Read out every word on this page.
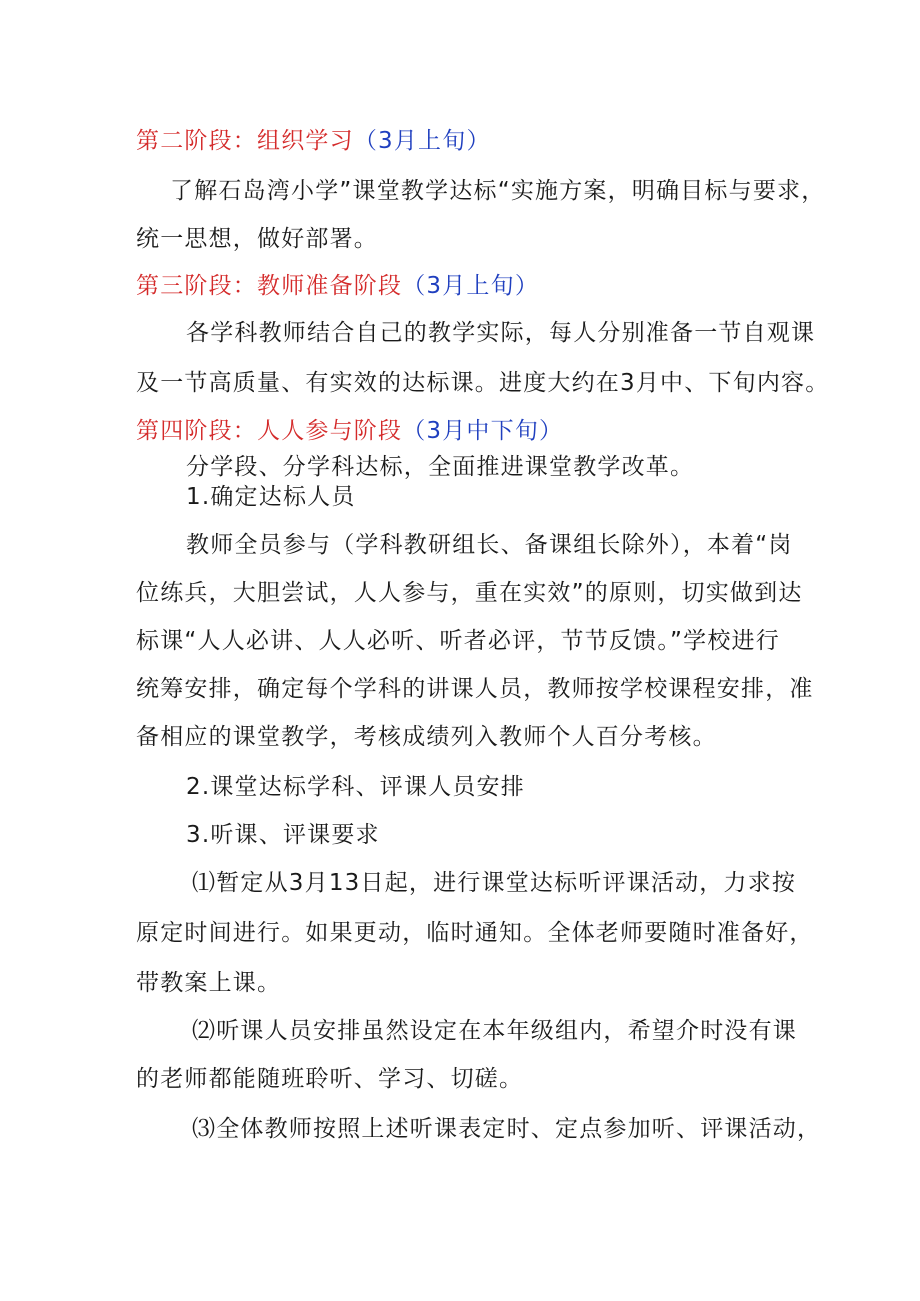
第二阶段：组织学习（3月上旬）
了解石岛湾小学”课堂教学达标“实施方案，明确目标与要求，
统一思想，做好部署。
第三阶段：教师准备阶段（3月上旬）
各学科教师结合自己的教学实际，每人分别准备一节自观课
及一节高质量、有实效的达标课。进度大约在3月中、下旬内容。
第四阶段：人人参与阶段（3月中下旬）
分学段、分学科达标，全面推进课堂教学改革。
1.确定达标人员
教师全员参与（学科教研组长、备课组长除外），本着“岗
位练兵，大胆尝试，人人参与，重在实效”的原则，切实做到达
标课“人人必讲、人人必听、听者必评，节节反馈。”学校进行
统筹安排，确定每个学科的讲课人员，教师按学校课程安排，准
备相应的课堂教学，考核成绩列入教师个人百分考核。
2.课堂达标学科、评课人员安排
3.听课、评课要求
⑴暂定从3月13日起，进行课堂达标听评课活动，力求按
原定时间进行。如果更动，临时通知。全体老师要随时准备好，
带教案上课。
⑵听课人员安排虽然设定在本年级组内，希望介时没有课
的老师都能随班聆听、学习、切磋。
⑶全体教师按照上述听课表定时、定点参加听、评课活动，
